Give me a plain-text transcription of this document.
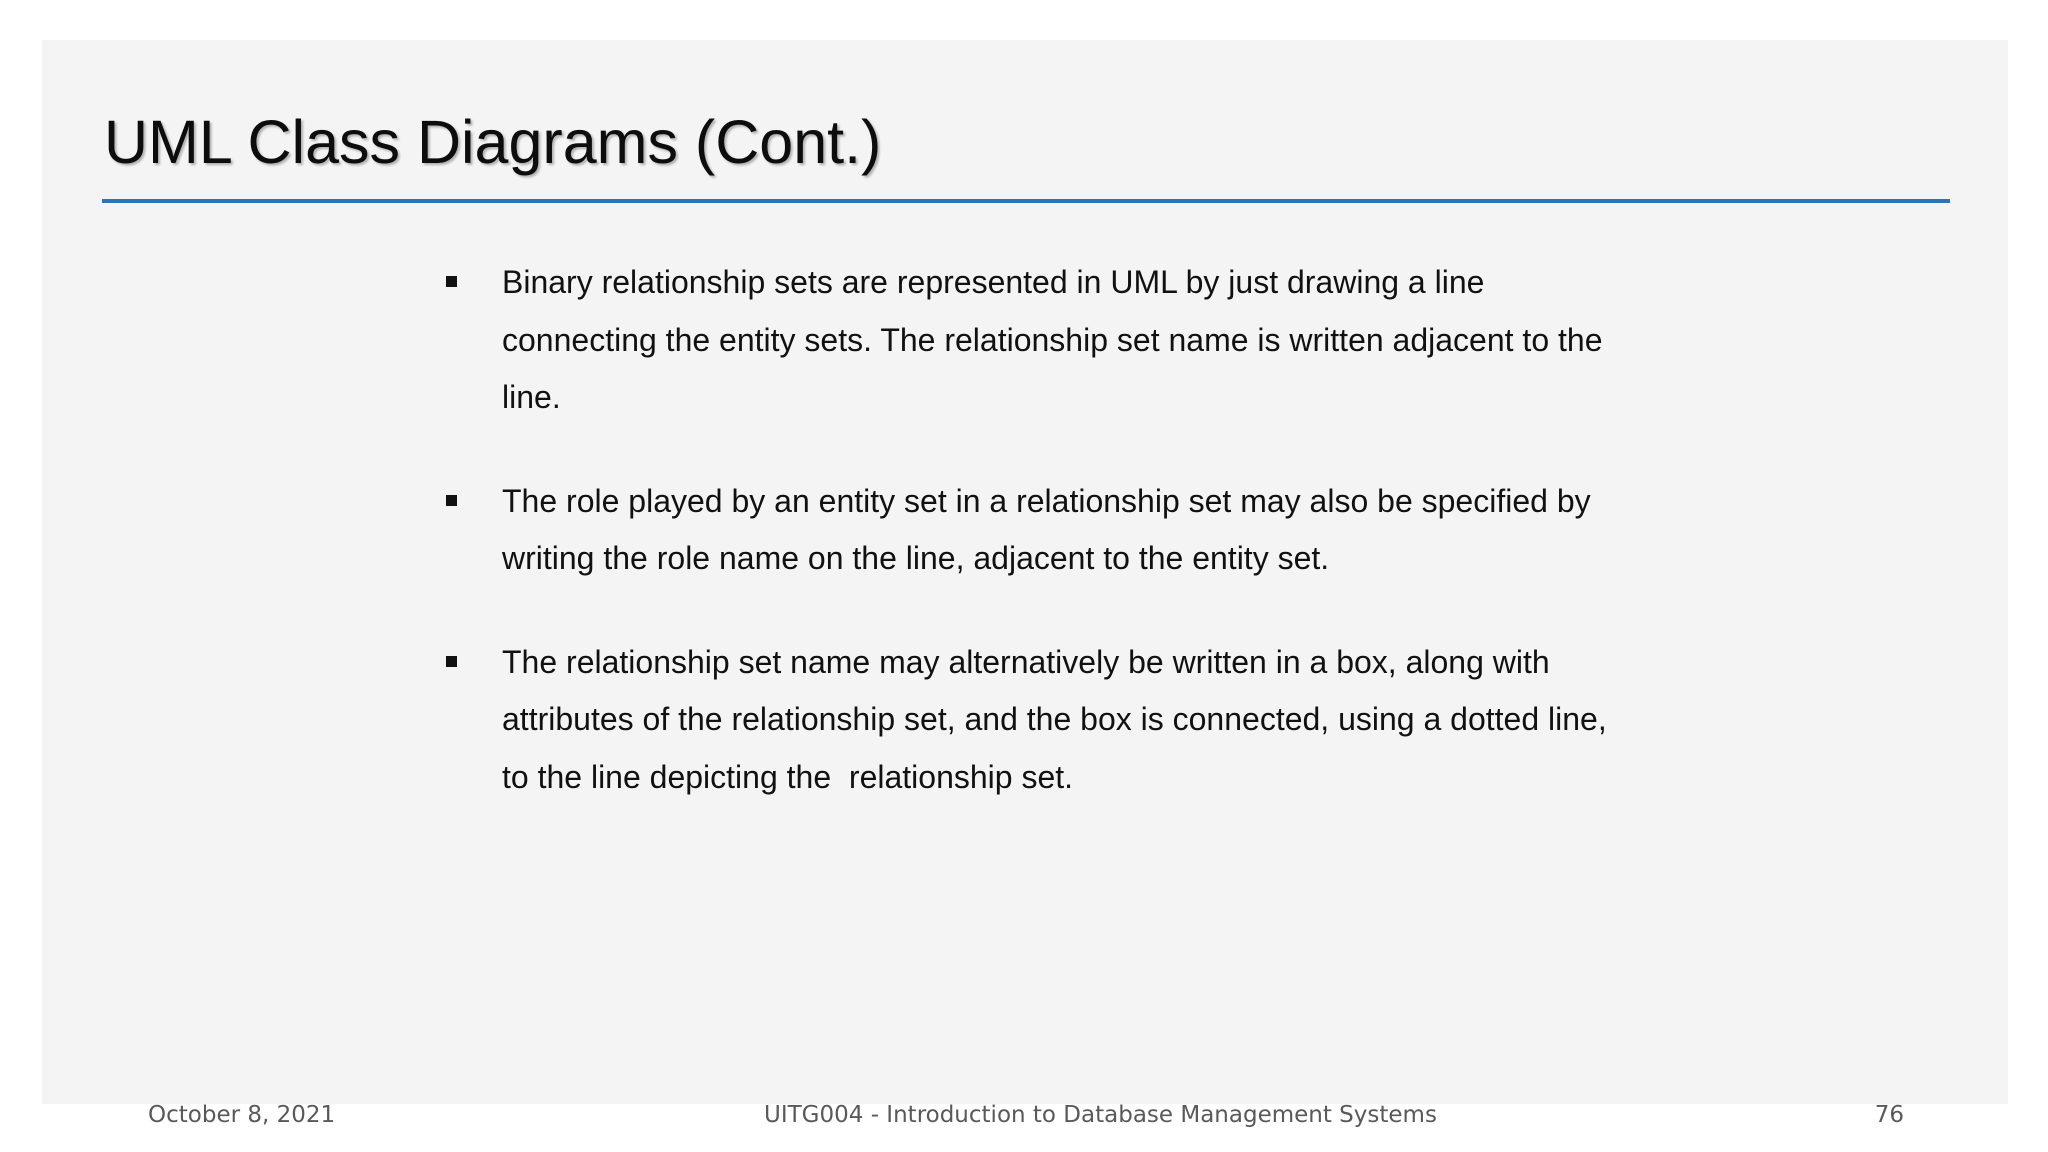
UML Class Diagrams (Cont.)
Binary relationship sets are represented in UML by just drawing a line
connecting the entity sets. The relationship set name is written adjacent to the
line.
The role played by an entity set in a relationship set may also be specified by
writing the role name on the line, adjacent to the entity set.
The relationship set name may alternatively be written in a box, along with
attributes of the relationship set, and the box is connected, using a dotted line,
to the line depicting the  relationship set.
October 8, 2021	UITG004 - Introduction to Database Management Systems	76
